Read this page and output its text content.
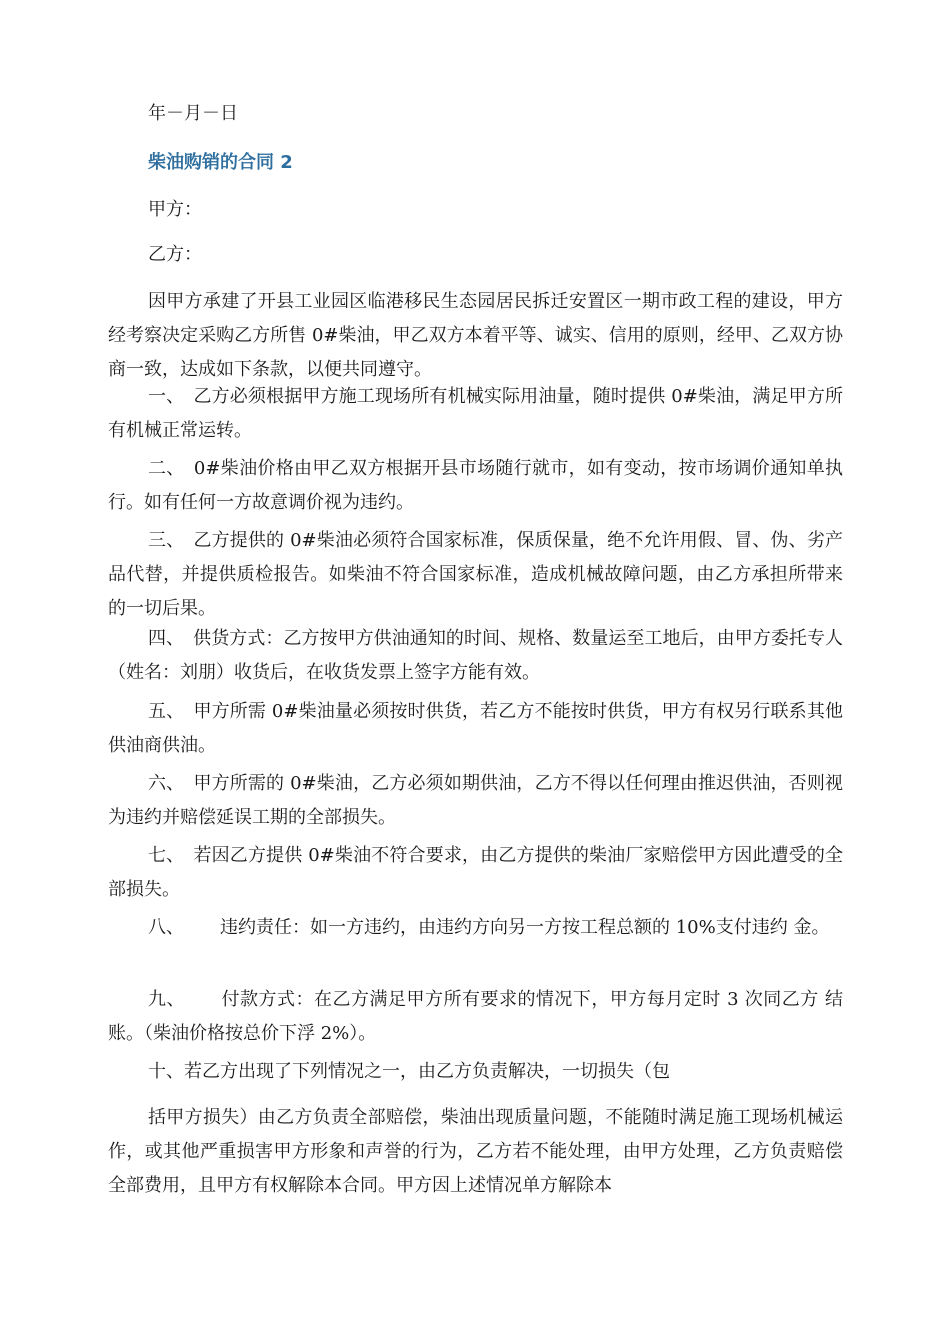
年－月－日
柴油购销的合同 2
甲方：
乙方：
因甲方承建了开县工业园区临港移民生态园居民拆迁安置区一期市政工程的建设，甲方经考察决定采购乙方所售 0#柴油，甲乙双方本着平等、诚实、信用的原则，经甲、乙双方协商一致，达成如下条款，以便共同遵守。
一、　乙方必须根据甲方施工现场所有机械实际用油量，随时提供 0#柴油，满足甲方所有机械正常运转。
二、　0#柴油价格由甲乙双方根据开县市场随行就市，如有变动，按市场调价通知单执行。如有任何一方故意调价视为违约。
三、　乙方提供的 0#柴油必须符合国家标准，保质保量，绝不允许用假、冒、伪、劣产品代替，并提供质检报告。如柴油不符合国家标准，造成机械故障问题，由乙方承担所带来的一切后果。
四、　供货方式：乙方按甲方供油通知的时间、规格、数量运至工地后，由甲方委托专人（姓名：刘朋）收货后，在收货发票上签字方能有效。
五、　甲方所需 0#柴油量必须按时供货，若乙方不能按时供货，甲方有权另行联系其他供油商供油。
六、　甲方所需的 0#柴油，乙方必须如期供油，乙方不得以任何理由推迟供油，否则视为违约并赔偿延误工期的全部损失。
七、　若因乙方提供 0#柴油不符合要求，由乙方提供的柴油厂家赔偿甲方因此遭受的全部损失。
八、 违约责任：如一方违约，由违约方向另一方按工程总额的 10%支付违约 金。
九、 付款方式：在乙方满足甲方所有要求的情况下，甲方每月定时 3 次同乙方 结账。（柴油价格按总价下浮 2%）。
十、若乙方出现了下列情况之一，由乙方负责解决，一切损失（包
括甲方损失）由乙方负责全部赔偿，柴油出现质量问题，不能随时满足施工现场机械运作，或其他严重损害甲方形象和声誉的行为，乙方若不能处理，由甲方处理，乙方负责赔偿全部费用，且甲方有权解除本合同。甲方因上述情况单方解除本
